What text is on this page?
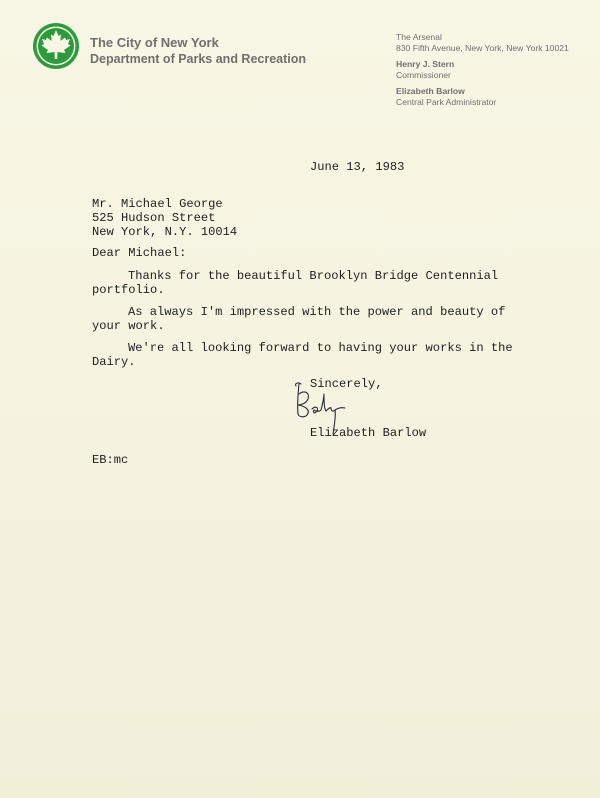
The City of New York
Department of Parks and Recreation
The Arsenal
830 Fifth Avenue, New York, New York 10021
Henry J. Stern
Commissioner
Elizabeth Barlow
Central Park Administrator
June 13, 1983
Mr. Michael George
525 Hudson Street
New York, N.Y. 10014
Dear Michael:
Thanks for the beautiful Brooklyn Bridge Centennial
portfolio.
As always I'm impressed with the power and beauty of
your work.
We're all looking forward to having your works in the
Dairy.
Sincerely,
Elizabeth Barlow
EB:mc
